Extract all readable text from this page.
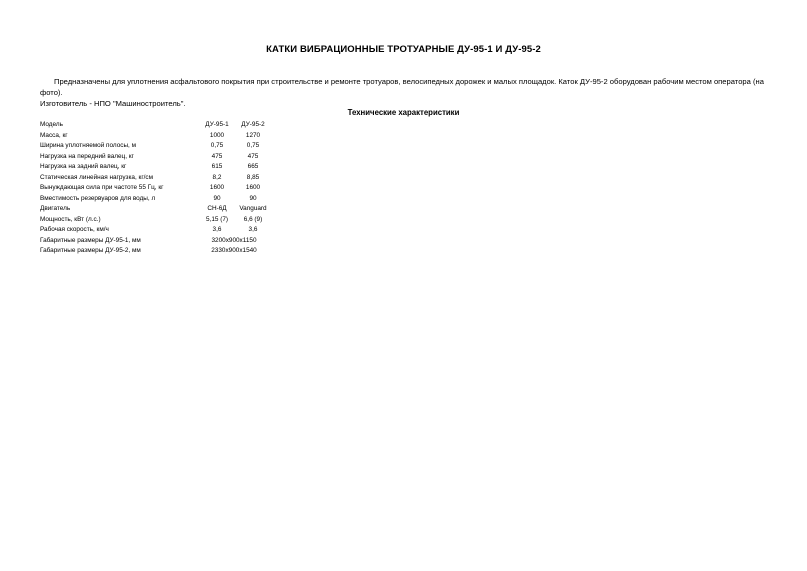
КАТКИ ВИБРАЦИОННЫЕ ТРОТУАРНЫЕ ДУ-95-1 И ДУ-95-2
Предназначены для уплотнения асфальтового покрытия при строительстве и ремонте тротуаров, велосипедных дорожек и малых площадок. Каток ДУ-95-2 оборудован рабочим местом оператора (на фото).
Изготовитель - НПО "Машиностроитель".
Технические характеристики
Модель	ДУ-95-1	ДУ-95-2
Масса, кг	1000	1270
Ширина уплотняемой полосы, м	0,75	0,75
Нагрузка на передний валец, кг	475	475
Нагрузка на задний валец, кг	615	665
Статическая линейная нагрузка, кг/см	8,2	8,85
Вынуждающая сила при частоте 55 Гц, кг	1600	1600
Вместимость резервуаров для воды, л	90	90
Двигатель	СН-6Д	Vanguard
Мощность, кВт (л.с.)	5,15 (7)	6,6 (9)
Рабочая скорость, км/ч	3,6	3,6
Габаритные размеры ДУ-95-1, мм	3200х900х1150	
Габаритные размеры ДУ-95-2, мм	2330х900х1540	
